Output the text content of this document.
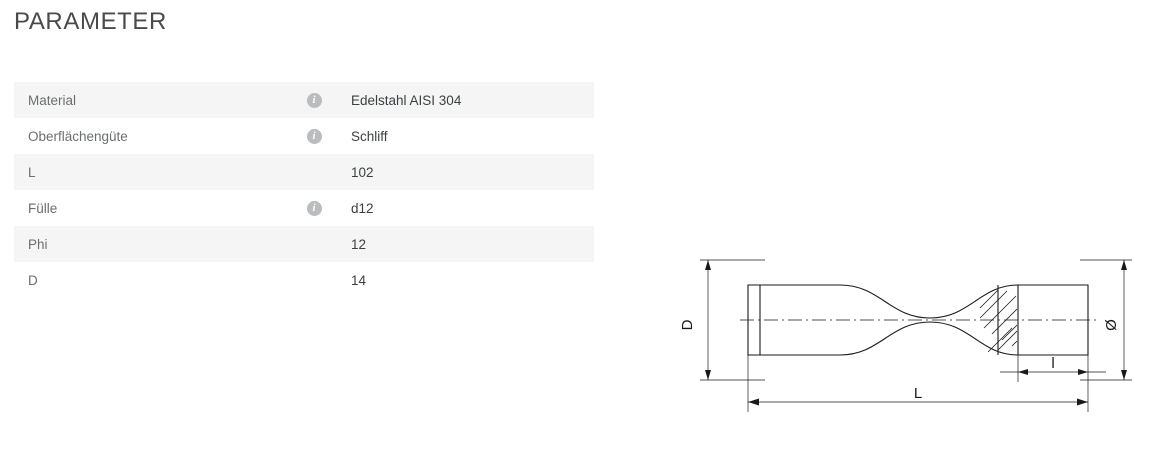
PARAMETER
Material	i	Edelstahl AISI 304
Oberflächengüte	i	Schliff
L		102
Fülle	i	d12
Phi		12
D		14
D	Ø
l
L
